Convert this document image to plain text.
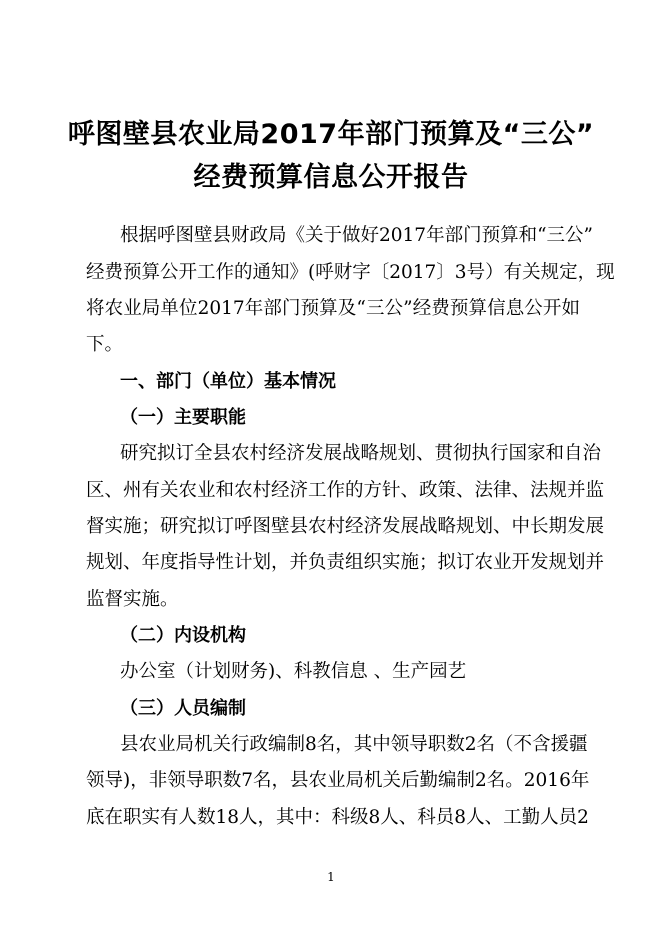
呼图壁县农业局2017年部门预算及“三公”
经费预算信息公开报告
根据呼图壁县财政局《关于做好2017年部门预算和“三公”
经费预算公开工作的通知》(呼财字〔2017〕3号）有关规定，现
将农业局单位2017年部门预算及“三公”经费预算信息公开如
下。
一、部门（单位）基本情况
（一）主要职能
研究拟订全县农村经济发展战略规划、贯彻执行国家和自治
区、州有关农业和农村经济工作的方针、政策、法律、法规并监
督实施；研究拟订呼图壁县农村经济发展战略规划、中长期发展
规划、年度指导性计划，并负责组织实施；拟订农业开发规划并
监督实施。
（二）内设机构
办公室（计划财务)、科教信息 、生产园艺
（三）人员编制
县农业局机关行政编制8名，其中领导职数2名（不含援疆
领导)，非领导职数7名，县农业局机关后勤编制2名。2016年
底在职实有人数18人，其中：科级8人、科员8人、工勤人员2
1
